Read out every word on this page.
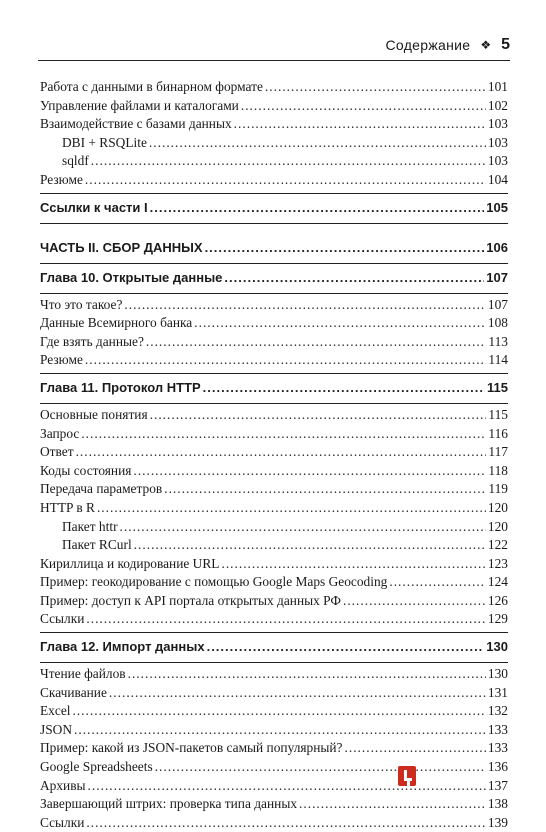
Содержание ❖ 5
Работа с данными в бинарном формате .....	101
Управление файлами и каталогами .....	102
Взаимодействие с базами данных .....	103
DBI + RSQLite .....	103
sqldf .....	103
Резюме .....	104
Ссылки к части I .....	105
ЧАСТЬ II. СБОР ДАННЫХ .....	106
Глава 10. Открытые данные .....	107
Что это такое? .....	107
Данные Всемирного банка .....	108
Где взять данные? .....	113
Резюме .....	114
Глава 11. Протокол HTTP .....	115
Основные понятия .....	115
Запрос .....	116
Ответ .....	117
Коды состояния .....	118
Передача параметров .....	119
HTTP в R .....	120
Пакет httr .....	120
Пакет RCurl .....	122
Кириллица и кодирование URL .....	123
Пример: геокодирование с помощью Google Maps Geocoding .....	124
Пример: доступ к API портала открытых данных РФ .....	126
Ссылки .....	129
Глава 12. Импорт данных .....	130
Чтение файлов .....	130
Скачивание .....	131
Excel .....	132
JSON .....	133
Пример: какой из JSON-пакетов самый популярный? .....	133
Google Spreadsheets .....	136
Архивы .....	137
Завершающий штрих: проверка типа данных .....	138
Ссылки .....	139
